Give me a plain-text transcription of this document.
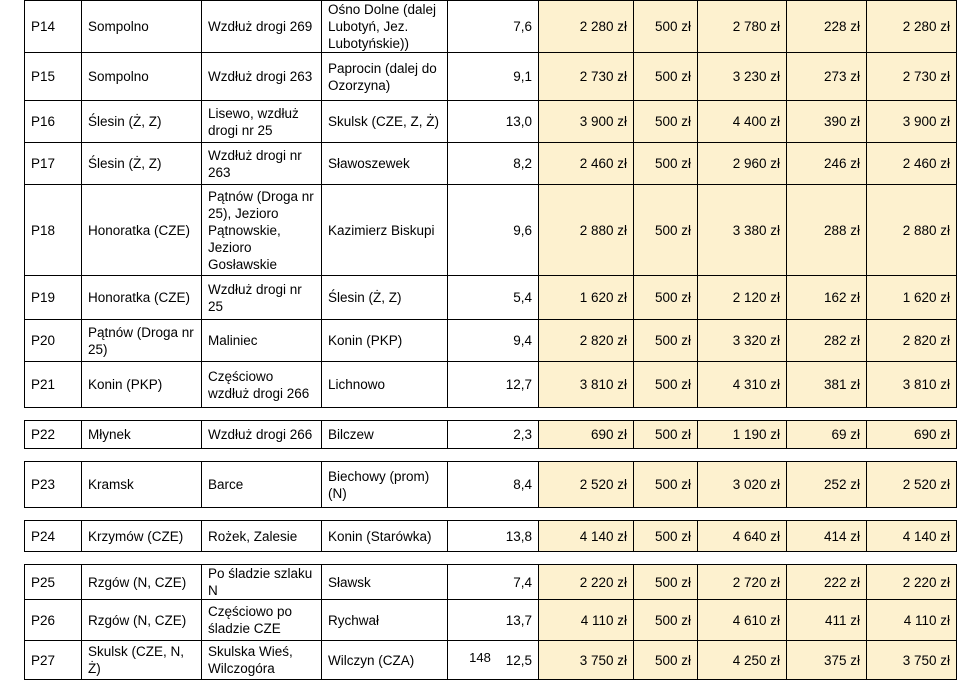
P14	Sompolno	Wzdłuż drogi 269	Ośno Dolne (dalej Lubotyń, Jez. Lubotyńskie))	7,6	2 280 zł	500 zł	2 780 zł	228 zł	2 280 zł
P15	Sompolno	Wzdłuż drogi 263	Paprocin (dalej do Ozorzyna)	9,1	2 730 zł	500 zł	3 230 zł	273 zł	2 730 zł
P16	Ślesin (Ż, Z)	Lisewo, wzdłuż drogi nr 25	Skulsk (CZE, Z, Ż)	13,0	3 900 zł	500 zł	4 400 zł	390 zł	3 900 zł
P17	Ślesin (Ż, Z)	Wzdłuż drogi nr 263	Sławoszewek	8,2	2 460 zł	500 zł	2 960 zł	246 zł	2 460 zł
P18	Honoratka (CZE)	Pątnów (Droga nr 25), Jezioro Pątnowskie, Jezioro Gosławskie	Kazimierz Biskupi	9,6	2 880 zł	500 zł	3 380 zł	288 zł	2 880 zł
P19	Honoratka (CZE)	Wzdłuż drogi nr 25	Ślesin (Ż, Z)	5,4	1 620 zł	500 zł	2 120 zł	162 zł	1 620 zł
P20	Pątnów (Droga nr 25)	Maliniec	Konin (PKP)	9,4	2 820 zł	500 zł	3 320 zł	282 zł	2 820 zł
P21	Konin (PKP)	Częściowo wzdłuż drogi 266	Lichnowo	12,7	3 810 zł	500 zł	4 310 zł	381 zł	3 810 zł

P22	Młynek	Wzdłuż drogi 266	Bilczew	2,3	690 zł	500 zł	1 190 zł	69 zł	690 zł

P23	Kramsk	Barce	Biechowy (prom) (N)	8,4	2 520 zł	500 zł	3 020 zł	252 zł	2 520 zł

P24	Krzymów (CZE)	Rożek, Zalesie	Konin (Starówka)	13,8	4 140 zł	500 zł	4 640 zł	414 zł	4 140 zł

P25	Rzgów (N, CZE)	Po śladzie szlaku N	Sławsk	7,4	2 220 zł	500 zł	2 720 zł	222 zł	2 220 zł
P26	Rzgów (N, CZE)	Częściowo po śladzie CZE	Rychwał	13,7	4 110 zł	500 zł	4 610 zł	411 zł	4 110 zł
P27	Skulsk (CZE, N, Ż)	Skulska Wieś, Wilczogóra	Wilczyn (CZA)	12,5	3 750 zł	500 zł	4 250 zł	375 zł	3 750 zł
148
